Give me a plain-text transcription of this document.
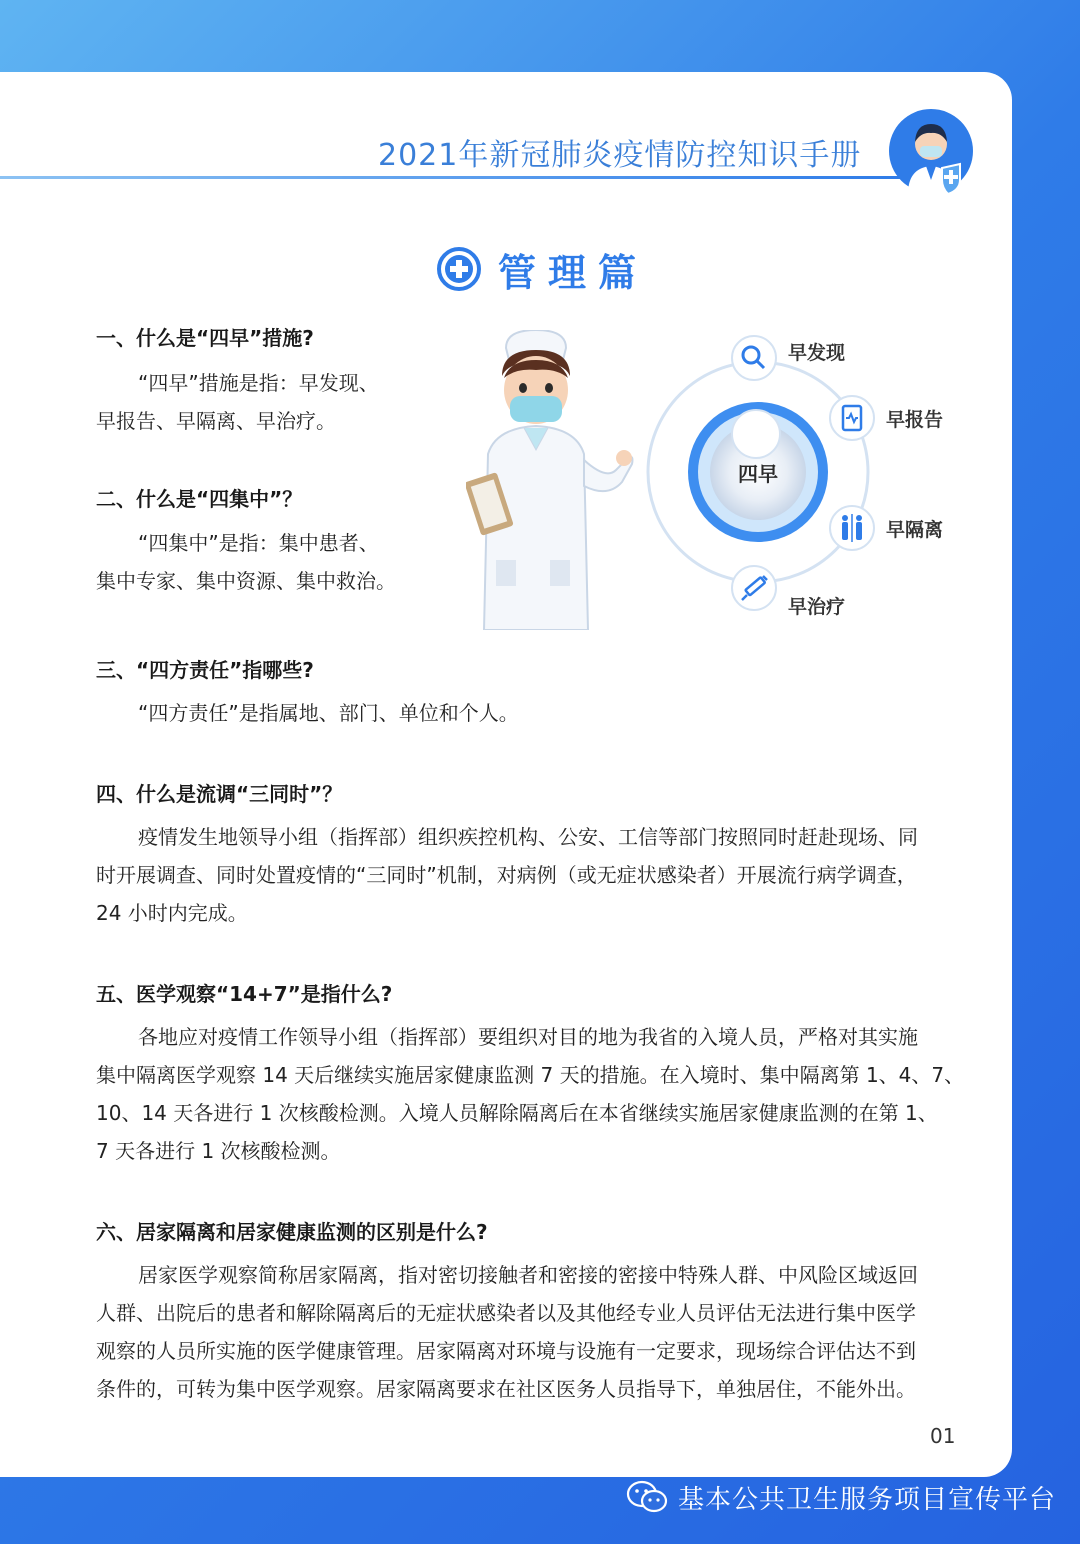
2021年新冠肺炎疫情防控知识手册
管理篇
一、什么是“四早”措施?

“四早”措施是指：早发现、

早报告、早隔离、早治疗。

二、什么是“四集中”？

“四集中”是指：集中患者、

集中专家、集中资源、集中救治。

三、“四方责任”指哪些?

“四方责任”是指属地、部门、单位和个人。

四、什么是流调“三同时”？

疫情发生地领导小组（指挥部）组织疾控机构、公安、工信等部门按照同时赶赴现场、同

时开展调查、同时处置疫情的“三同时”机制，对病例（或无症状感染者）开展流行病学调查，

24 小时内完成。

五、医学观察“14+7”是指什么?

各地应对疫情工作领导小组（指挥部）要组织对目的地为我省的入境人员，严格对其实施

集中隔离医学观察 14 天后继续实施居家健康监测 7 天的措施。在入境时、集中隔离第 1、4、7、

10、14 天各进行 1 次核酸检测。入境人员解除隔离后在本省继续实施居家健康监测的在第 1、

7 天各进行 1 次核酸检测。

六、居家隔离和居家健康监测的区别是什么?

居家医学观察简称居家隔离，指对密切接触者和密接的密接中特殊人群、中风险区域返回

人群、出院后的患者和解除隔离后的无症状感染者以及其他经专业人员评估无法进行集中医学

观察的人员所实施的医学健康管理。居家隔离对环境与设施有一定要求，现场综合评估达不到

条件的，可转为集中医学观察。居家隔离要求在社区医务人员指导下，单独居住，不能外出。

四早
早发现
早报告
早隔离
早治疗
01
基本公共卫生服务项目宣传平台
